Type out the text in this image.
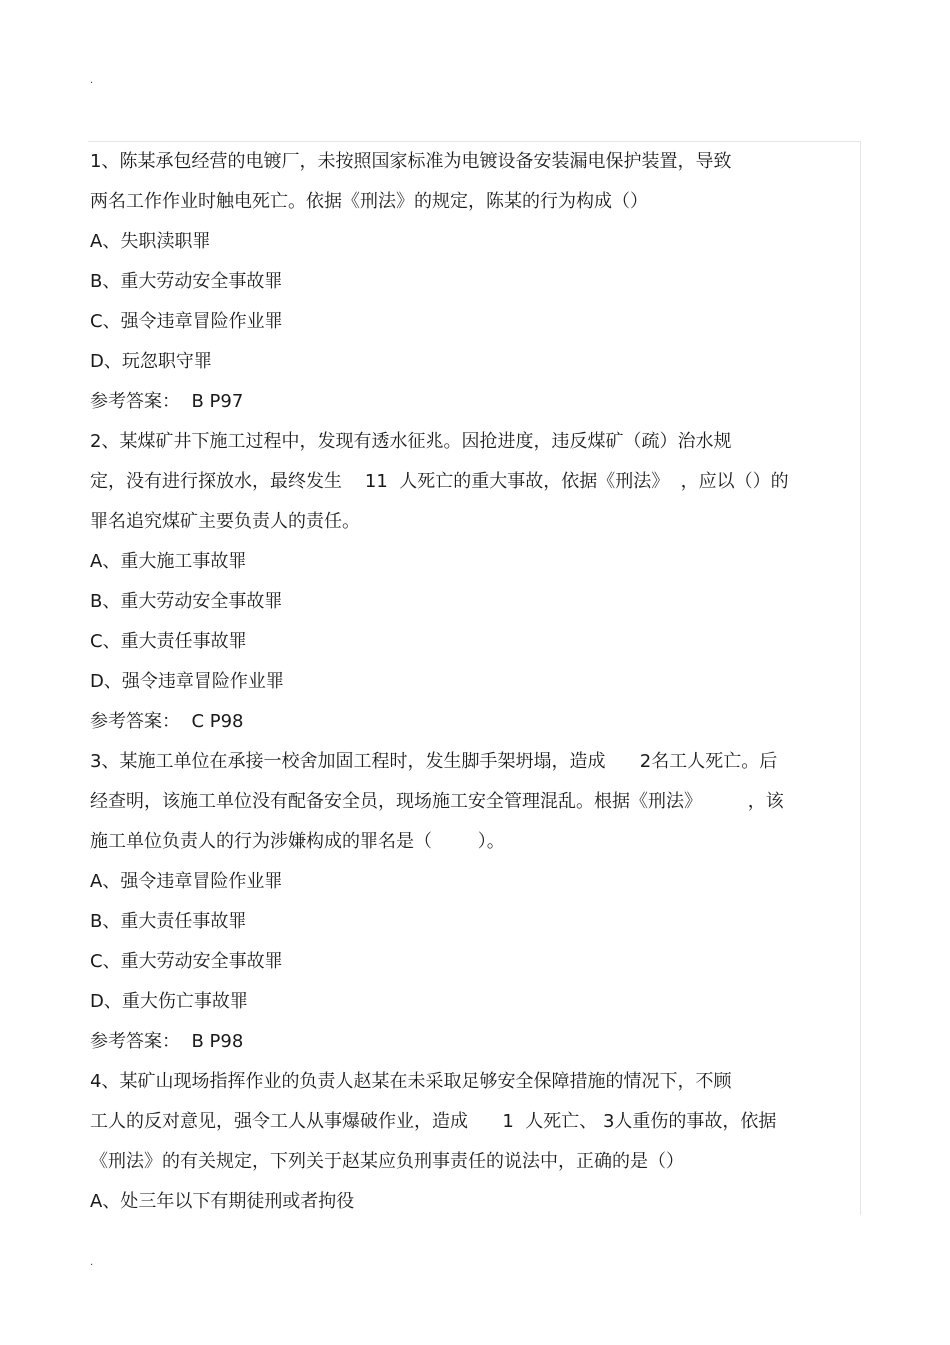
.
1、陈某承包经营的电镀厂，未按照国家标准为电镀设备安装漏电保护装置，导致
两名工作作业时触电死亡。依据《刑法》的规定，陈某的行为构成（）
A、失职渎职罪
B、重大劳动安全事故罪
C、强令违章冒险作业罪
D、玩忽职守罪
参考答案：  B P97
2、某煤矿井下施工过程中，发现有透水征兆。因抢进度，违反煤矿（疏）治水规
定，没有进行探放水，最终发生    11  人死亡的重大事故，依据《刑法》  ，应以（）的
罪名追究煤矿主要负责人的责任。
A、重大施工事故罪
B、重大劳动安全事故罪
C、重大责任事故罪
D、强令违章冒险作业罪
参考答案：  C P98
3、某施工单位在承接一校舍加固工程时，发生脚手架坍塌，造成      2名工人死亡。后
经查明，该施工单位没有配备安全员，现场施工安全管理混乱。根据《刑法》        ，该
施工单位负责人的行为涉嫌构成的罪名是（        ）。
A、强令违章冒险作业罪
B、重大责任事故罪
C、重大劳动安全事故罪
D、重大伤亡事故罪
参考答案：  B P98
4、某矿山现场指挥作业的负责人赵某在未采取足够安全保障措施的情况下，不顾
工人的反对意见，强令工人从事爆破作业，造成      1  人死亡、 3人重伤的事故，依据
《刑法》的有关规定，下列关于赵某应负刑事责任的说法中，正确的是（）
A、处三年以下有期徒刑或者拘役
.
